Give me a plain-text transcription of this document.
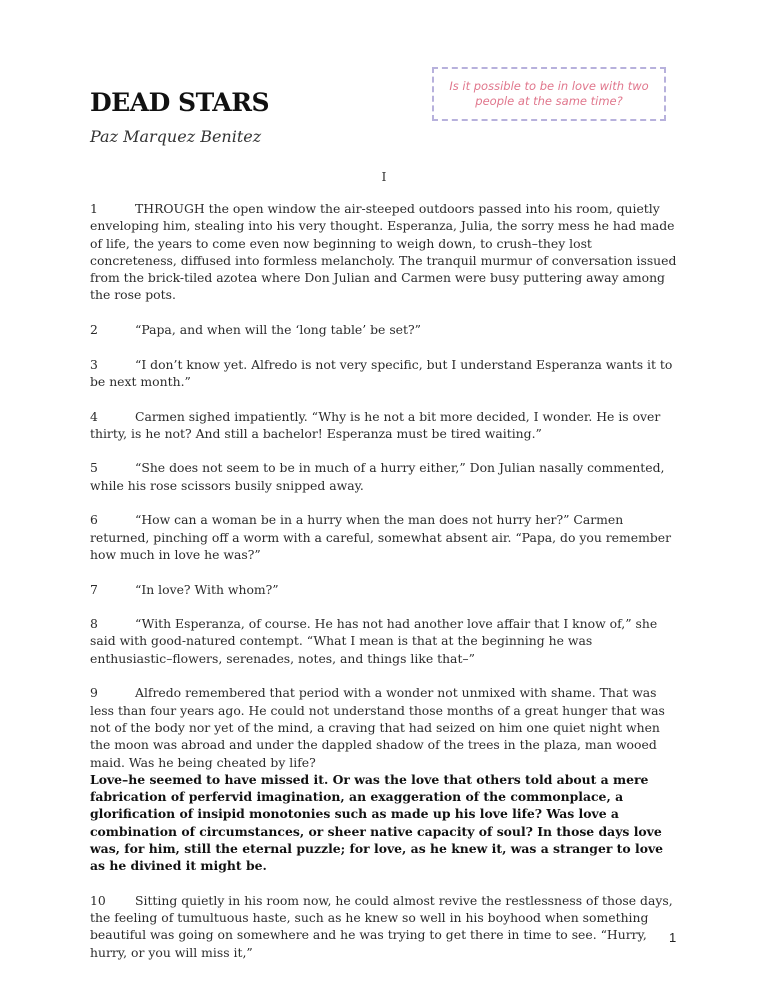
DEAD STARS
Paz Marquez Benitez
Is it possible to be in love with two people at the same time?
I

1	THROUGH the open window the air-steeped outdoors passed into his room, quietly enveloping him, stealing into his very thought. Esperanza, Julia, the sorry mess he had made of life, the years to come even now beginning to weigh down, to crush–they lost concreteness, diffused into formless melancholy. The tranquil murmur of conversation issued from the brick-tiled azotea where Don Julian and Carmen were busy puttering away among the rose pots.

2	“Papa, and when will the ‘long table’ be set?”

3	“I don’t know yet. Alfredo is not very specific, but I understand Esperanza wants it to be next month.”

4	Carmen sighed impatiently. “Why is he not a bit more decided, I wonder. He is over thirty, is he not? And still a bachelor! Esperanza must be tired waiting.”

5	“She does not seem to be in much of a hurry either,” Don Julian nasally commented, while his rose scissors busily snipped away.

6	“How can a woman be in a hurry when the man does not hurry her?” Carmen returned, pinching off a worm with a careful, somewhat absent air. “Papa, do you remember how much in love he was?”

7	“In love? With whom?”

8	“With Esperanza, of course. He has not had another love affair that I know of,” she said with good-natured contempt. “What I mean is that at the beginning he was enthusiastic–flowers, serenades, notes, and things like that–”

9	Alfredo remembered that period with a wonder not unmixed with shame. That was less than four years ago. He could not understand those months of a great hunger that was not of the body nor yet of the mind, a craving that had seized on him one quiet night when the moon was abroad and under the dappled shadow of the trees in the plaza, man wooed maid. Was he being cheated by life?
Love–he seemed to have missed it. Or was the love that others told about a mere fabrication of perfervid imagination, an exaggeration of the commonplace, a glorification of insipid monotonies such as made up his love life? Was love a combination of circumstances, or sheer native capacity of soul? In those days love was, for him, still the eternal puzzle; for love, as he knew it, was a stranger to love as he divined it might be.

10 Sitting quietly in his room now, he could almost revive the restlessness of those days, the feeling of tumultuous haste, such as he knew so well in his boyhood when something beautiful was going on somewhere and he was trying to get there in time to see. “Hurry, hurry, or you will miss it,”

1
